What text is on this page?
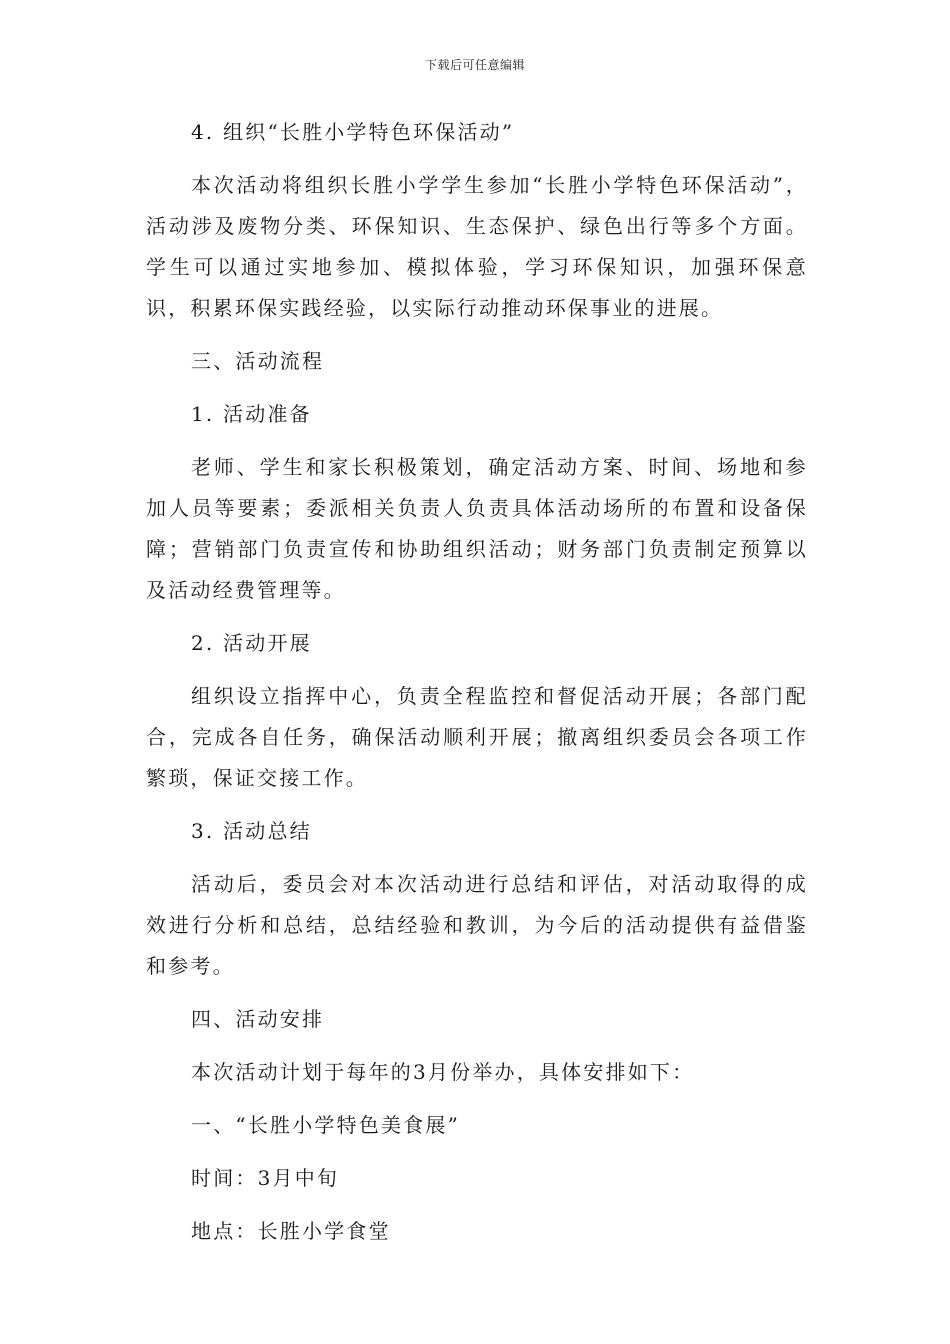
下载后可任意编辑

4. 组织“长胜小学特色环保活动”

本次活动将组织长胜小学学生参加“长胜小学特色环保活动”，活动涉及废物分类、环保知识、生态保护、绿色出行等多个方面。学生可以通过实地参加、模拟体验，学习环保知识，加强环保意识，积累环保实践经验，以实际行动推动环保事业的进展。

三、活动流程

1. 活动准备

老师、学生和家长积极策划，确定活动方案、时间、场地和参加人员等要素；委派相关负责人负责具体活动场所的布置和设备保障；营销部门负责宣传和协助组织活动；财务部门负责制定预算以及活动经费管理等。

2. 活动开展

组织设立指挥中心，负责全程监控和督促活动开展；各部门配合，完成各自任务，确保活动顺利开展；撤离组织委员会各项工作繁琐，保证交接工作。

3. 活动总结

活动后，委员会对本次活动进行总结和评估，对活动取得的成效进行分析和总结，总结经验和教训，为今后的活动提供有益借鉴和参考。

四、活动安排

本次活动计划于每年的3月份举办，具体安排如下：

一、“长胜小学特色美食展”

时间：3月中旬

地点：长胜小学食堂
